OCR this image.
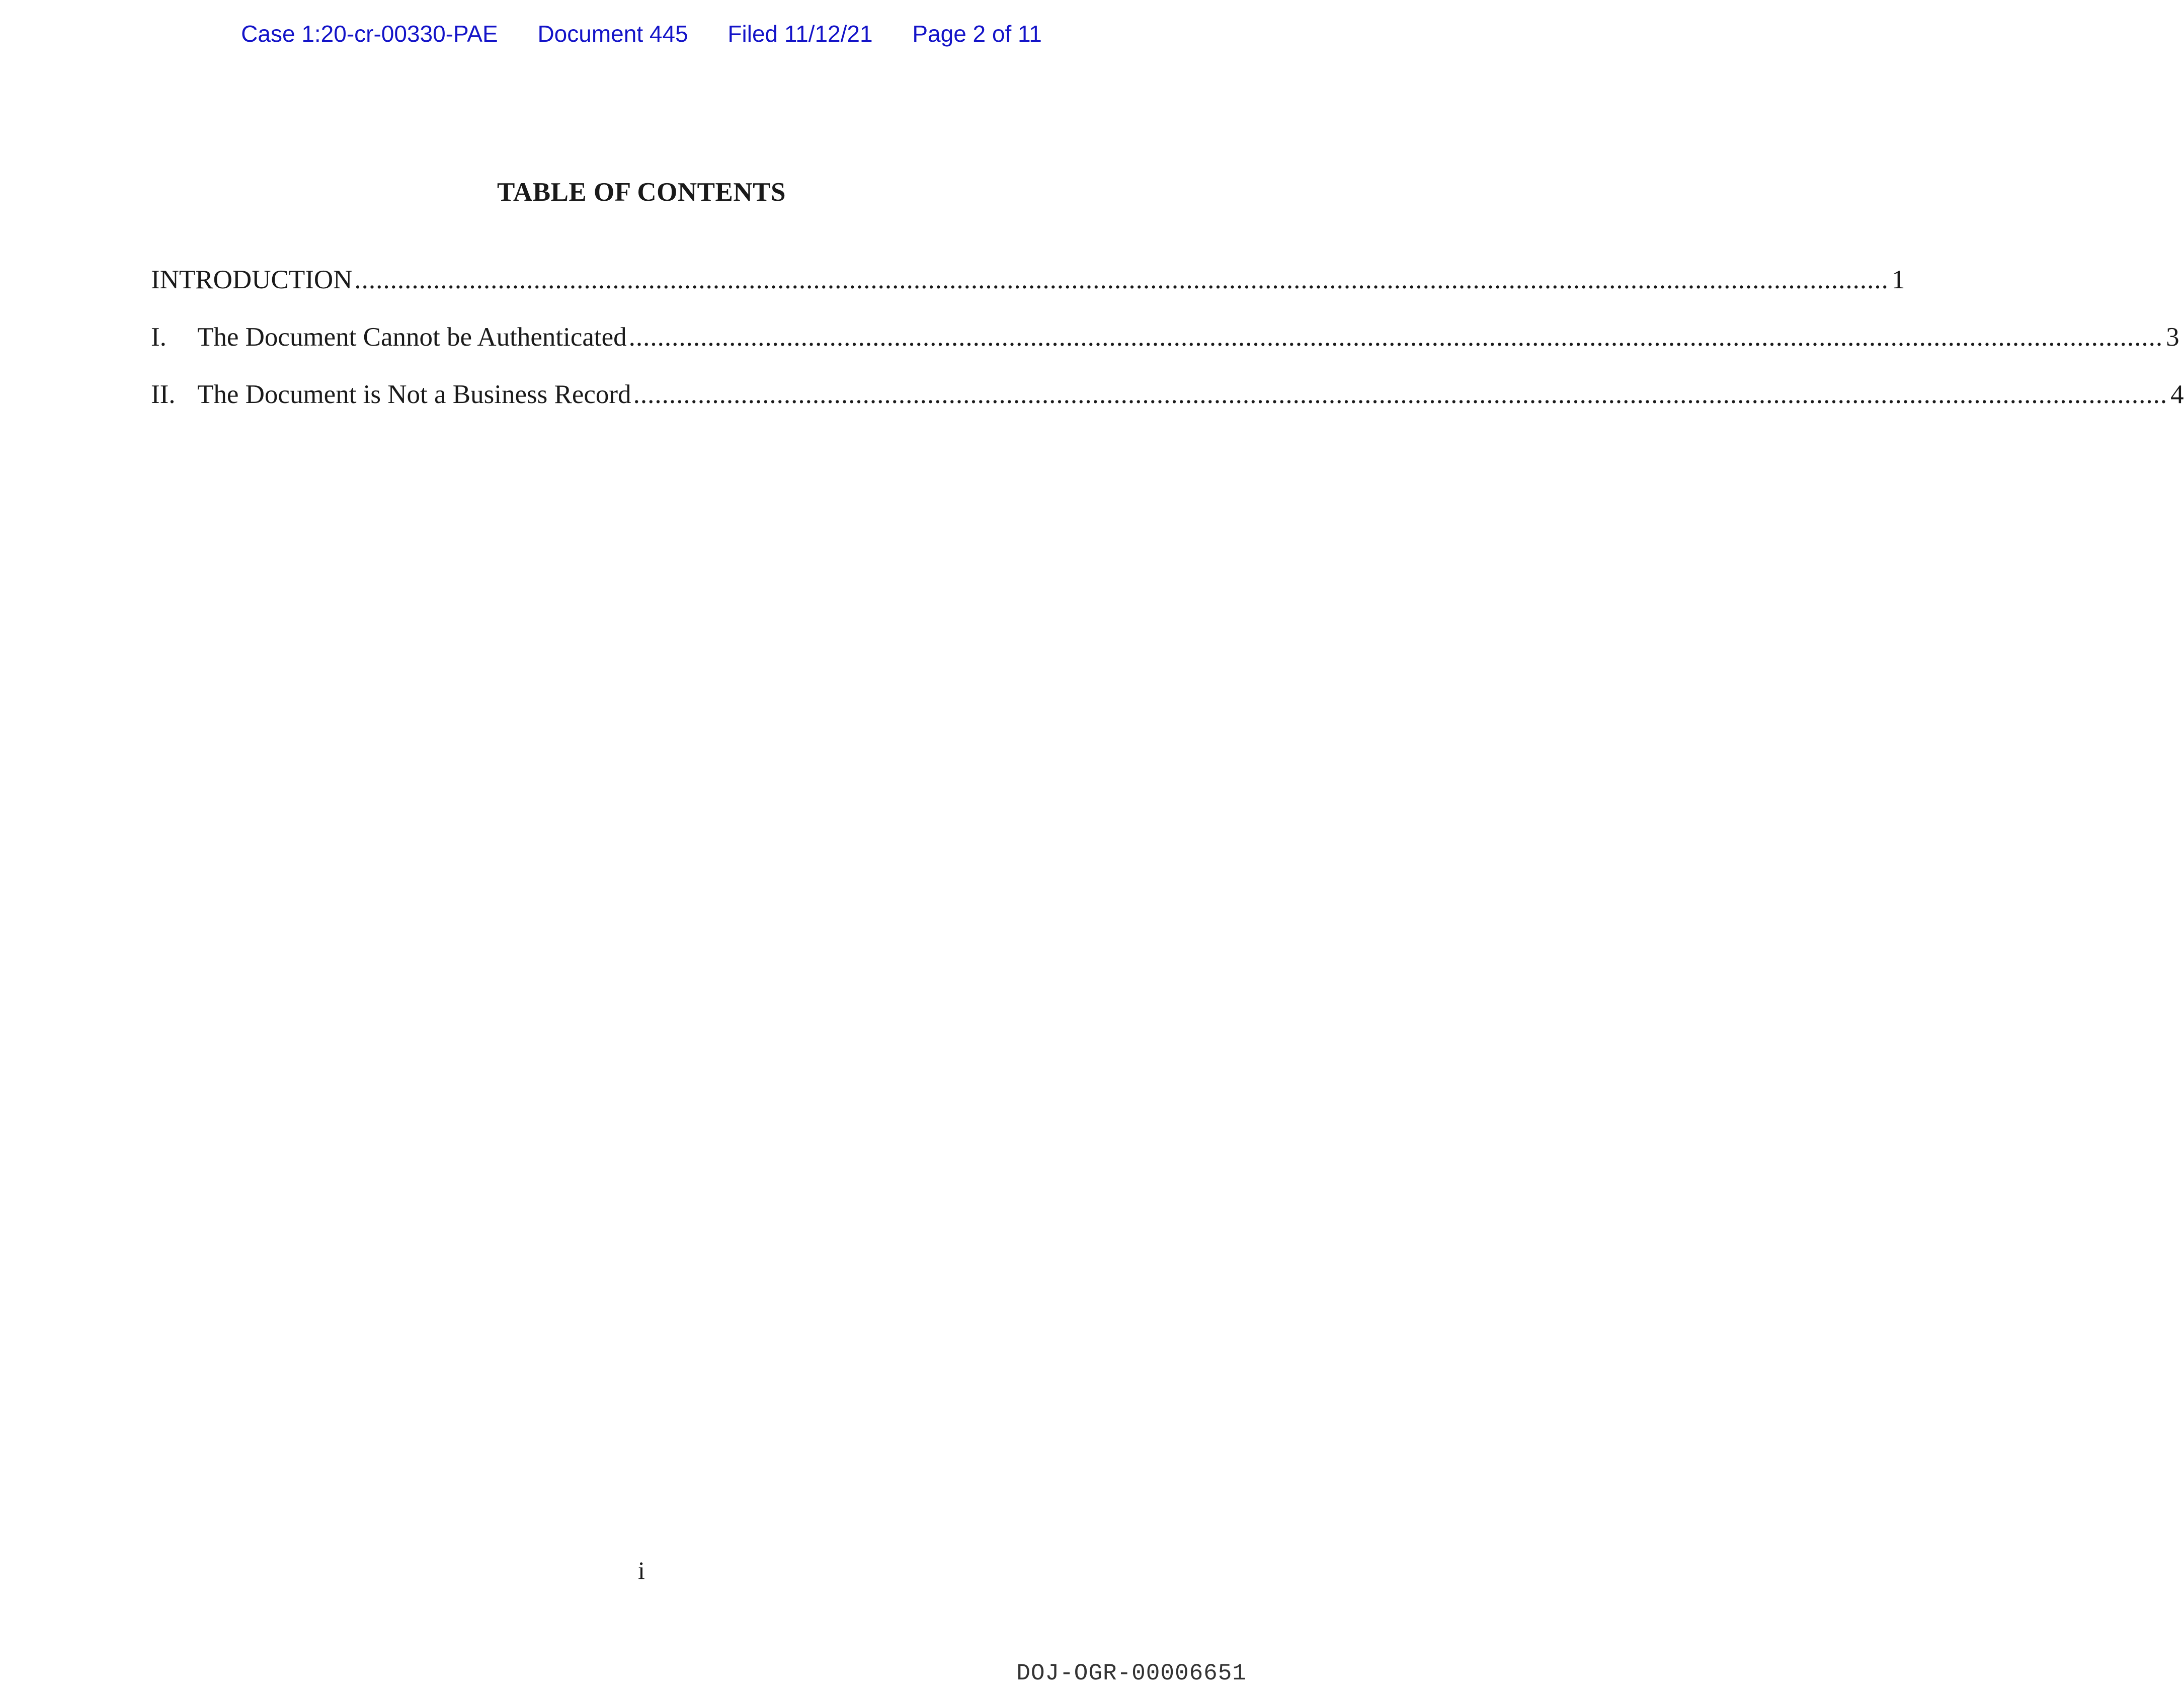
Case 1:20-cr-00330-PAE Document 445 Filed 11/12/21 Page 2 of 11
TABLE OF CONTENTS
INTRODUCTION ...................................................................................................................................................................................................................... 1
I.	The Document Cannot be Authenticated ...................................................................................................................................................................................................................... 3
II. The Document is Not a Business Record ...................................................................................................................................................................................................................... 4
i
DOJ-OGR-00006651
